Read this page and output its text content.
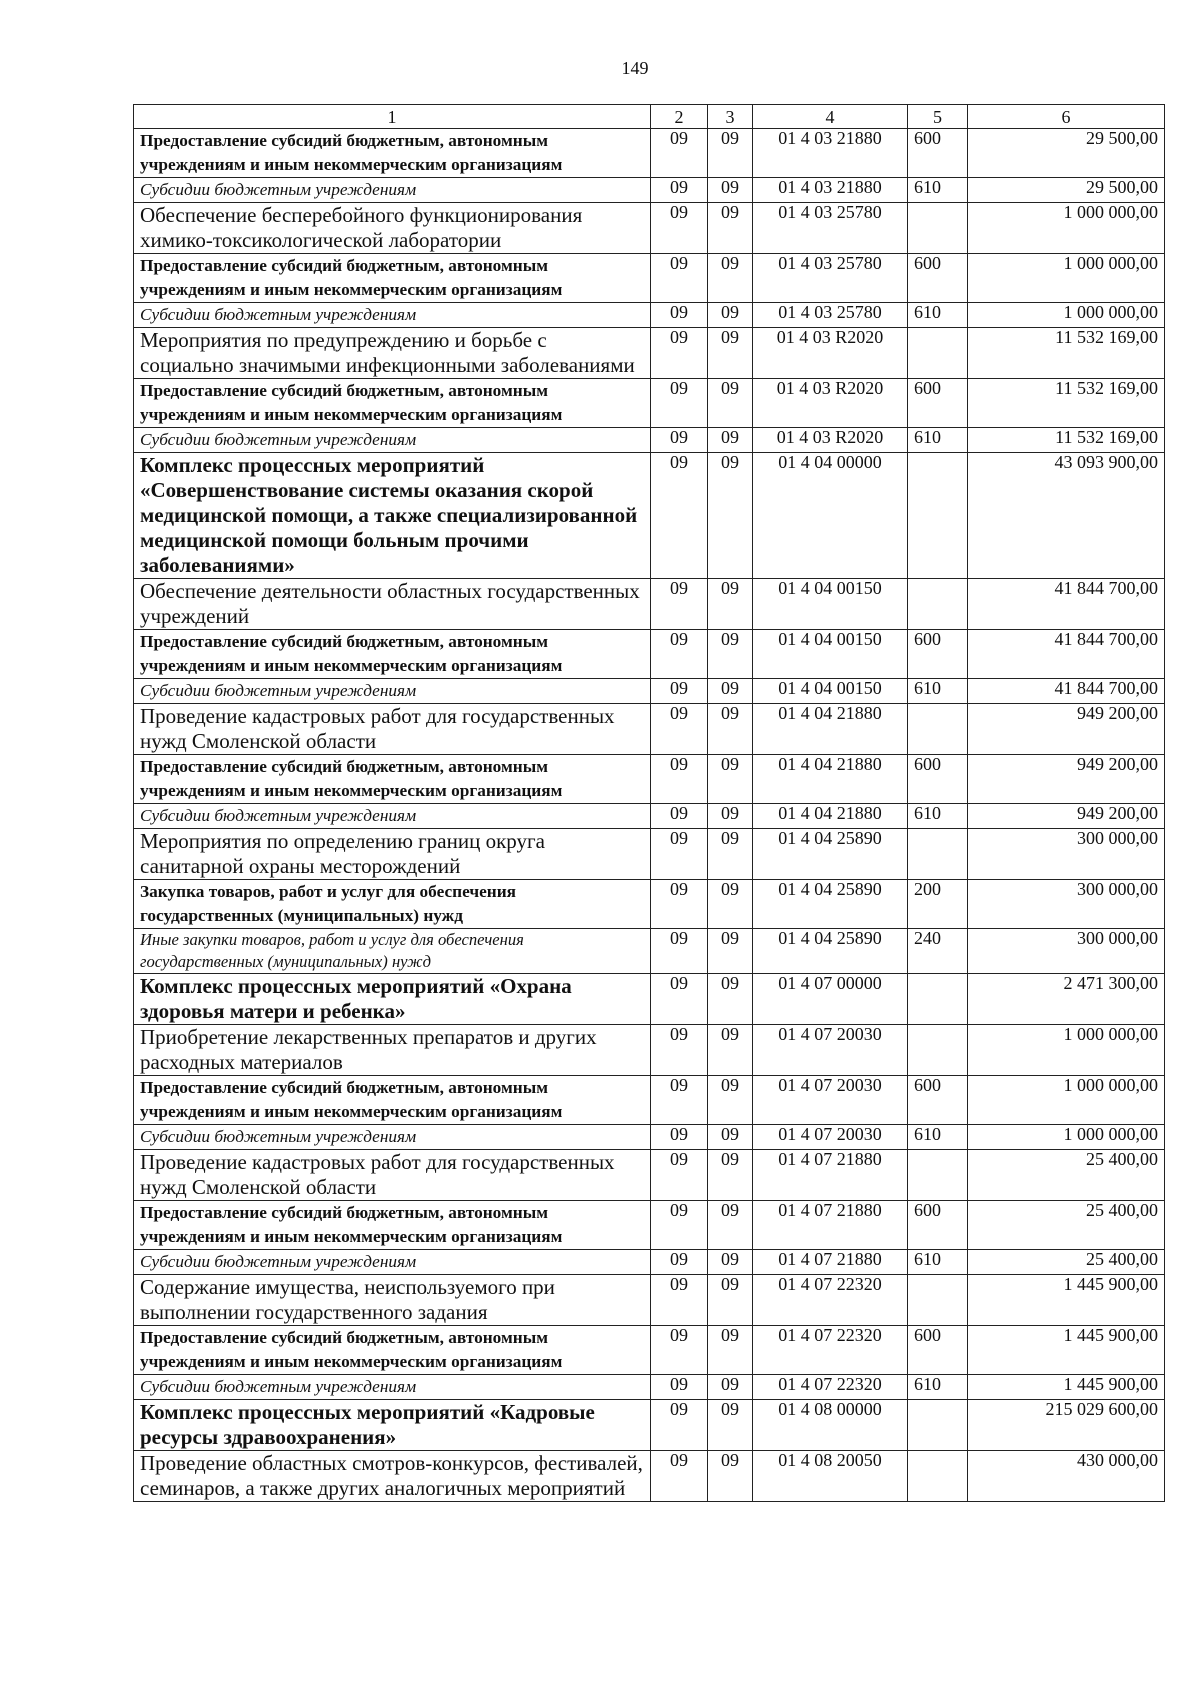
149
1	2	3	4	5	6
Предоставление субсидий бюджетным, автономным учреждениям и иным некоммерческим организациям	09	09	01 4 03 21880	600	29 500,00
Субсидии бюджетным учреждениям	09	09	01 4 03 21880	610	29 500,00
Обеспечение бесперебойного функционирования химико-токсикологической лаборатории	09	09	01 4 03 25780		1 000 000,00
Предоставление субсидий бюджетным, автономным учреждениям и иным некоммерческим организациям	09	09	01 4 03 25780	600	1 000 000,00
Субсидии бюджетным учреждениям	09	09	01 4 03 25780	610	1 000 000,00
Мероприятия по предупреждению и борьбе с социально значимыми инфекционными заболеваниями	09	09	01 4 03 R2020		11 532 169,00
Предоставление субсидий бюджетным, автономным учреждениям и иным некоммерческим организациям	09	09	01 4 03 R2020	600	11 532 169,00
Субсидии бюджетным учреждениям	09	09	01 4 03 R2020	610	11 532 169,00
Комплекс процессных мероприятий «Совершенствование системы оказания скорой медицинской помощи, а также специализированной медицинской помощи больным прочими заболеваниями»	09	09	01 4 04 00000		43 093 900,00
Обеспечение деятельности областных государственных учреждений	09	09	01 4 04 00150		41 844 700,00
Предоставление субсидий бюджетным, автономным учреждениям и иным некоммерческим организациям	09	09	01 4 04 00150	600	41 844 700,00
Субсидии бюджетным учреждениям	09	09	01 4 04 00150	610	41 844 700,00
Проведение кадастровых работ для государственных нужд Смоленской области	09	09	01 4 04 21880		949 200,00
Предоставление субсидий бюджетным, автономным учреждениям и иным некоммерческим организациям	09	09	01 4 04 21880	600	949 200,00
Субсидии бюджетным учреждениям	09	09	01 4 04 21880	610	949 200,00
Мероприятия по определению границ округа санитарной охраны месторождений	09	09	01 4 04 25890		300 000,00
Закупка товаров, работ и услуг для обеспечения государственных (муниципальных) нужд	09	09	01 4 04 25890	200	300 000,00
Иные закупки товаров, работ и услуг для обеспечения государственных (муниципальных) нужд	09	09	01 4 04 25890	240	300 000,00
Комплекс процессных мероприятий «Охрана здоровья матери и ребенка»	09	09	01 4 07 00000		2 471 300,00
Приобретение лекарственных препаратов и других расходных материалов	09	09	01 4 07 20030		1 000 000,00
Предоставление субсидий бюджетным, автономным учреждениям и иным некоммерческим организациям	09	09	01 4 07 20030	600	1 000 000,00
Субсидии бюджетным учреждениям	09	09	01 4 07 20030	610	1 000 000,00
Проведение кадастровых работ для государственных нужд Смоленской области	09	09	01 4 07 21880		25 400,00
Предоставление субсидий бюджетным, автономным учреждениям и иным некоммерческим организациям	09	09	01 4 07 21880	600	25 400,00
Субсидии бюджетным учреждениям	09	09	01 4 07 21880	610	25 400,00
Содержание имущества, неиспользуемого при выполнении государственного задания	09	09	01 4 07 22320		1 445 900,00
Предоставление субсидий бюджетным, автономным учреждениям и иным некоммерческим организациям	09	09	01 4 07 22320	600	1 445 900,00
Субсидии бюджетным учреждениям	09	09	01 4 07 22320	610	1 445 900,00
Комплекс процессных мероприятий «Кадровые ресурсы здравоохранения»	09	09	01 4 08 00000		215 029 600,00
Проведение областных смотров-конкурсов, фестивалей, семинаров, а также других аналогичных мероприятий	09	09	01 4 08 20050		430 000,00
